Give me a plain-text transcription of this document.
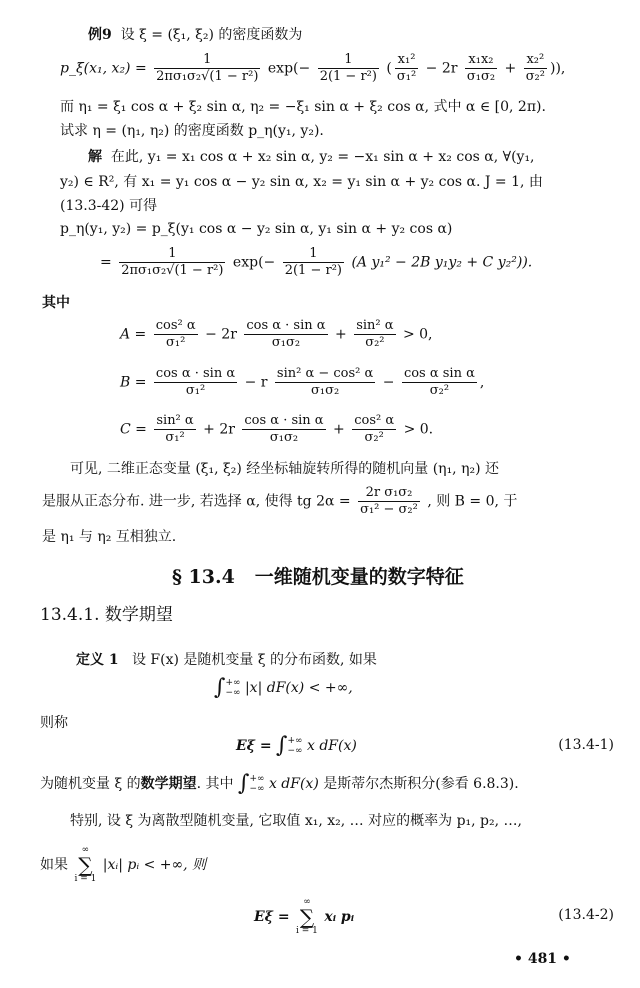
例9 设 ξ = (ξ₁, ξ₂) 的密度函数为
p_ξ(x₁, $x_2) = \frac{1}{\text{2πσ₁σ₂√(1 − r²)}} \exp(- \frac{1}{\text{2(1 − r²)}}$ ( $\frac{\text{x₁²}}{\text{σ₁²}} - 2r \frac{\text{x₁x₂}}{\text{σ₁σ₂}} + \frac{\text{x₂²}}{\text{σ₂²}}$ )),
而 η₁ = ξ₁ cos α + ξ₂ sin α, η₂ = −ξ₁ sin α + ξ₂ cos α, 式中 α ∈ [0, 2π).
试求 η = (η₁, η₂) 的密度函数 p_η(y₁, y₂).
解 在此, y₁ = x₁ cos α + x₂ sin α, y₂ = −x₁ sin α + x₂ cos α, ∀(y₁,
y₂) ∈ R², 有 x₁ = y₁ cos α − y₂ sin α, x₂ = y₁ sin α + y₂ cos α. J = 1, 由
(13.3-42) 可得
p_η(y₁, y₂) = p_ξ(y₁ cos α − y₂ sin α, y₁ sin α + y₂ cos α)
= $\frac{1}{\text{2πσ₁σ₂√(1 − r²)}} \exp(- \frac{1}{\text{2(1 − r²)}} (A$ y₁² − 2B y₁y₂ + C y₂²)).
其中
$A = \frac{\text{cos² α}}{\text{σ₁²}} - 2r \frac{\text{cos α · sin α}}{\text{σ₁σ₂}} + \frac{\text{sin² α}}{\text{σ₂²}} > 0$,
$B = \frac{\text{cos α · sin α}}{\text{σ₁²}} - r \frac{\text{sin² α − cos² α}}{\text{σ₁σ₂}} - \frac{\text{cos α sin α}}{\text{σ₂²}}$ ,
$C = \frac{\text{sin² α}}{\text{σ₁²}} + 2r \frac{\text{cos α · sin α}}{\text{σ₁σ₂}} + \frac{\text{cos² α}}{\text{σ₂²}} > 0$.
可见, 二维正态变量 (ξ₁, ξ₂) 经坐标轴旋转所得的随机向量 (η₁, η₂) 还
是服从正态分布. 进一步, 若选择 α, 使得 tg $2\alpha = \frac{\text{2r σ₁σ₂}}{\text{σ₁² − σ₂²}}$ , 则 B = 0, 于
是 η₁ 与 η₂ 互相独立.
§ 13.4 一维随机变量的数字特征
13.4.1. 数学期望
定义 1 设 F(x) 是随机变量 ξ 的分布函数, 如果
∫+∞
−∞ |x| dF(x) < +∞,
则称
Eξ = ∫+∞
−∞ x dF(x)	(13.4-1)
为随机变量 ξ 的数学期望. 其中 ∫+∞
−∞ x dF(x) 是斯蒂尔杰斯积分(参看 6.8.3).
特别, 设 ξ 为离散型随机变量, 它取值 x₁, x₂, … 对应的概率为 p₁, p₂, …,
如果
∞
∑
i = 1
|xᵢ| pᵢ < +∞, 则
Eξ =
∞
∑
i = 1
xᵢ pᵢ	(13.4-2)
• 481 •
